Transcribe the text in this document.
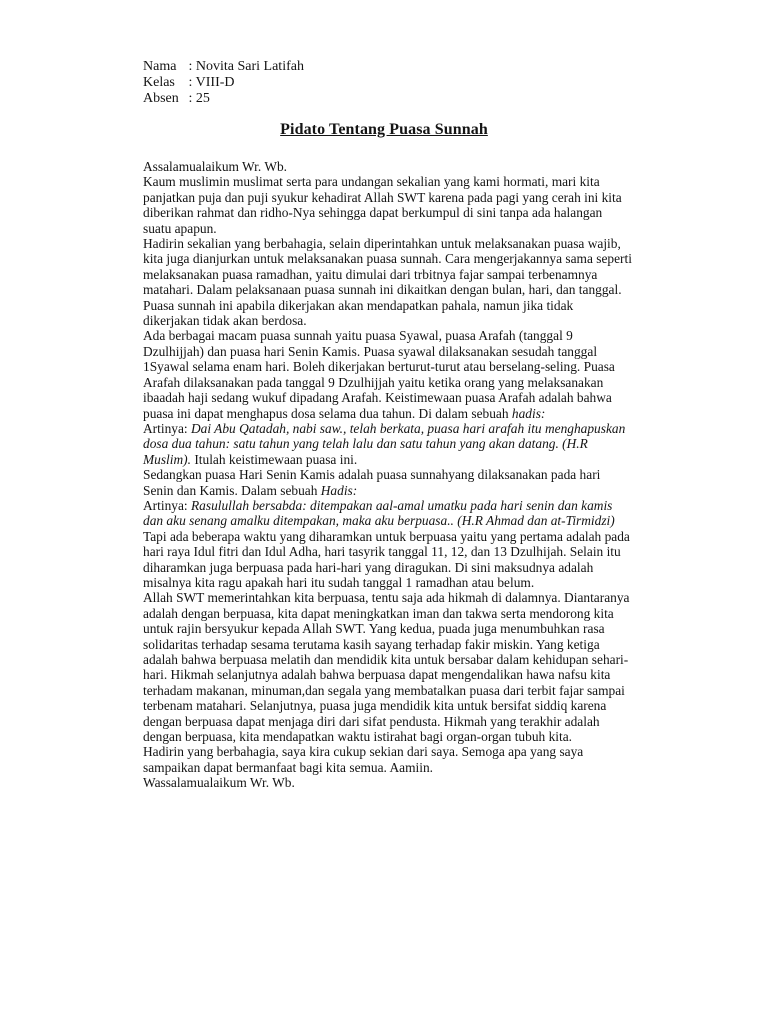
Nama : Novita Sari Latifah
Kelas : VIII-D
Absen : 25
Pidato Tentang Puasa Sunnah
Assalamualaikum Wr. Wb.
Kaum muslimin muslimat serta para undangan sekalian yang kami hormati, mari kita
panjatkan puja dan puji syukur kehadirat Allah SWT karena pada pagi yang cerah ini kita
diberikan rahmat dan ridho-Nya sehingga dapat berkumpul di sini tanpa ada halangan
suatu apapun.
Hadirin sekalian yang berbahagia, selain diperintahkan untuk melaksanakan puasa wajib,
kita juga dianjurkan untuk melaksanakan puasa sunnah. Cara mengerjakannya sama seperti
melaksanakan puasa ramadhan, yaitu dimulai dari trbitnya fajar sampai terbenamnya
matahari. Dalam pelaksanaan puasa sunnah ini dikaitkan dengan bulan, hari, dan tanggal.
Puasa sunnah ini apabila dikerjakan akan mendapatkan pahala, namun jika tidak
dikerjakan tidak akan berdosa.
Ada berbagai macam puasa sunnah yaitu puasa Syawal, puasa Arafah (tanggal 9
Dzulhijjah) dan puasa hari Senin Kamis. Puasa syawal dilaksanakan sesudah tanggal
1Syawal selama enam hari. Boleh dikerjakan berturut-turut atau berselang-seling. Puasa
Arafah dilaksanakan pada tanggal 9 Dzulhijjah yaitu ketika orang yang melaksanakan
ibaadah haji sedang wukuf dipadang Arafah. Keistimewaan puasa Arafah adalah bahwa
puasa ini dapat menghapus dosa selama dua tahun. Di dalam sebuah hadis:
Artinya: Dai Abu Qatadah, nabi saw., telah berkata, puasa hari arafah itu menghapuskan
dosa dua tahun: satu tahun yang telah lalu dan satu tahun yang akan datang. (H.R
Muslim). Itulah keistimewaan puasa ini.
Sedangkan puasa Hari Senin Kamis adalah puasa sunnahyang dilaksanakan pada hari
Senin dan Kamis. Dalam sebuah Hadis:
Artinya: Rasulullah bersabda: ditempakan aal-amal umatku pada hari senin dan kamis
dan aku senang amalku ditempakan, maka aku berpuasa.. (H.R Ahmad dan at-Tirmidzi)
Tapi ada beberapa waktu yang diharamkan untuk berpuasa yaitu yang pertama adalah pada
hari raya Idul fitri dan Idul Adha, hari tasyrik tanggal 11, 12, dan 13 Dzulhijah. Selain itu
diharamkan juga berpuasa pada hari-hari yang diragukan. Di sini maksudnya adalah
misalnya kita ragu apakah hari itu sudah tanggal 1 ramadhan atau belum.
Allah SWT memerintahkan kita berpuasa, tentu saja ada hikmah di dalamnya. Diantaranya
adalah dengan berpuasa, kita dapat meningkatkan iman dan takwa serta mendorong kita
untuk rajin bersyukur kepada Allah SWT. Yang kedua, puada juga menumbuhkan rasa
solidaritas terhadap sesama terutama kasih sayang terhadap fakir miskin. Yang ketiga
adalah bahwa berpuasa melatih dan mendidik kita untuk bersabar dalam kehidupan sehari-
hari. Hikmah selanjutnya adalah bahwa berpuasa dapat mengendalikan hawa nafsu kita
terhadam makanan, minuman,dan segala yang membatalkan puasa dari terbit fajar sampai
terbenam matahari. Selanjutnya, puasa juga mendidik kita untuk bersifat siddiq karena
dengan berpuasa dapat menjaga diri dari sifat pendusta. Hikmah yang terakhir adalah
dengan berpuasa, kita mendapatkan waktu istirahat bagi organ-organ tubuh kita.
Hadirin yang berbahagia, saya kira cukup sekian dari saya. Semoga apa yang saya
sampaikan dapat bermanfaat bagi kita semua. Aamiin.
Wassalamualaikum Wr. Wb.
